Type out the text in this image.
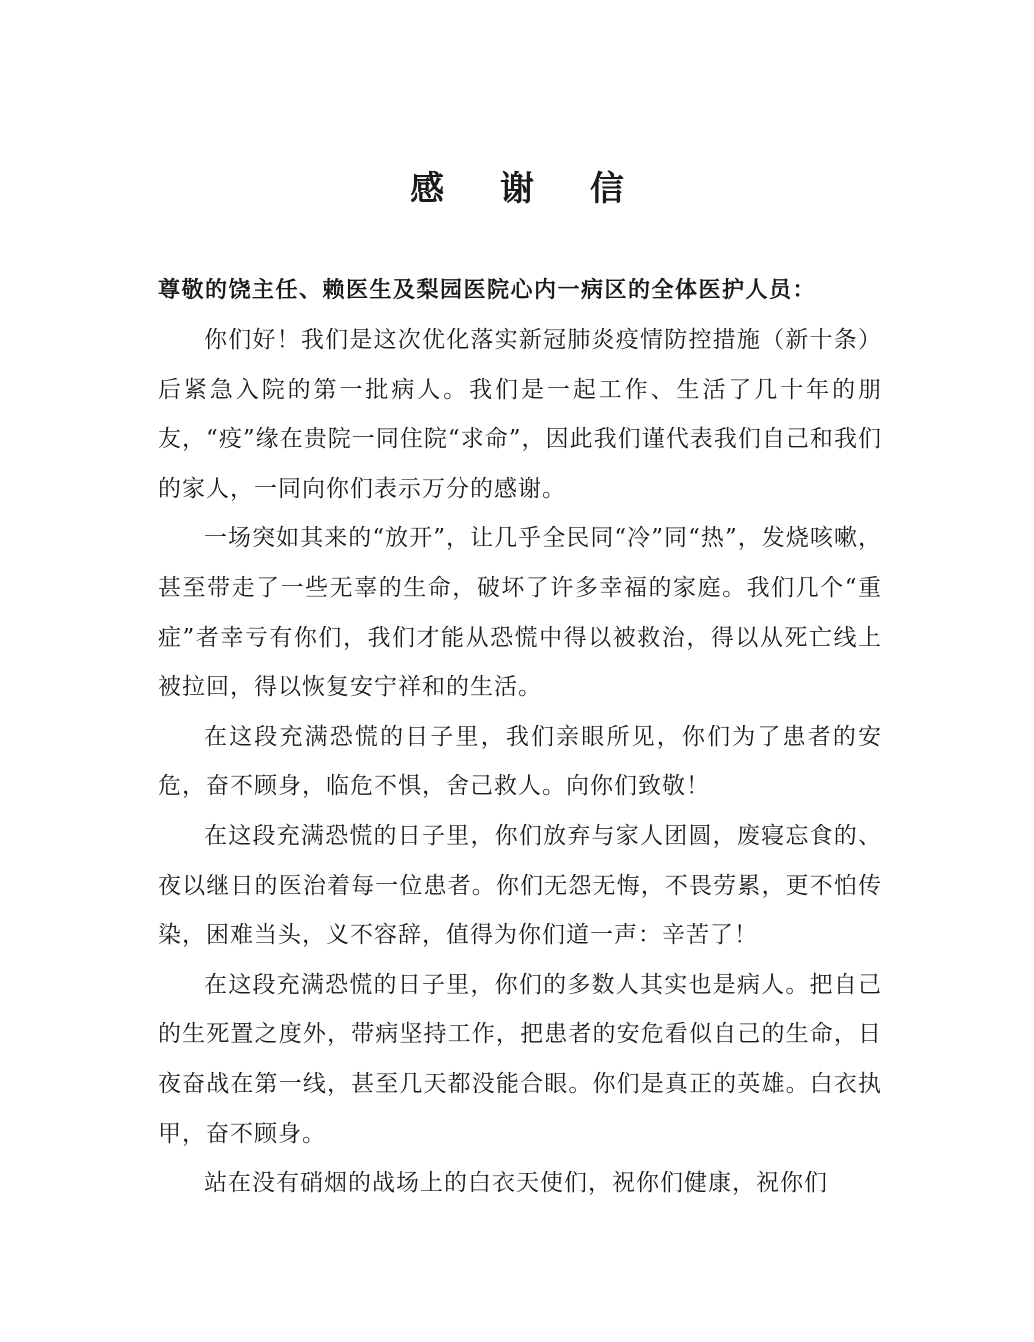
感 谢 信
尊敬的饶主任、赖医生及梨园医院心内一病区的全体医护人员：

你们好！我们是这次优化落实新冠肺炎疫情防控措施（新十条）后紧急入院的第一批病人。我们是一起工作、生活了几十年的朋友，“疫”缘在贵院一同住院“求命”，因此我们谨代表我们自己和我们的家人，一同向你们表示万分的感谢。

一场突如其来的“放开”，让几乎全民同“冷”同“热”，发烧咳嗽，甚至带走了一些无辜的生命，破坏了许多幸福的家庭。我们几个“重症”者幸亏有你们，我们才能从恐慌中得以被救治，得以从死亡线上被拉回，得以恢复安宁祥和的生活。

在这段充满恐慌的日子里，我们亲眼所见，你们为了患者的安危，奋不顾身，临危不惧，舍己救人。向你们致敬！

在这段充满恐慌的日子里，你们放弃与家人团圆，废寝忘食的、夜以继日的医治着每一位患者。你们无怨无悔，不畏劳累，更不怕传染，困难当头，义不容辞，值得为你们道一声：辛苦了！

在这段充满恐慌的日子里，你们的多数人其实也是病人。把自己的生死置之度外，带病坚持工作，把患者的安危看似自己的生命，日夜奋战在第一线，甚至几天都没能合眼。你们是真正的英雄。白衣执甲，奋不顾身。

站在没有硝烟的战场上的白衣天使们，祝你们健康，祝你们
